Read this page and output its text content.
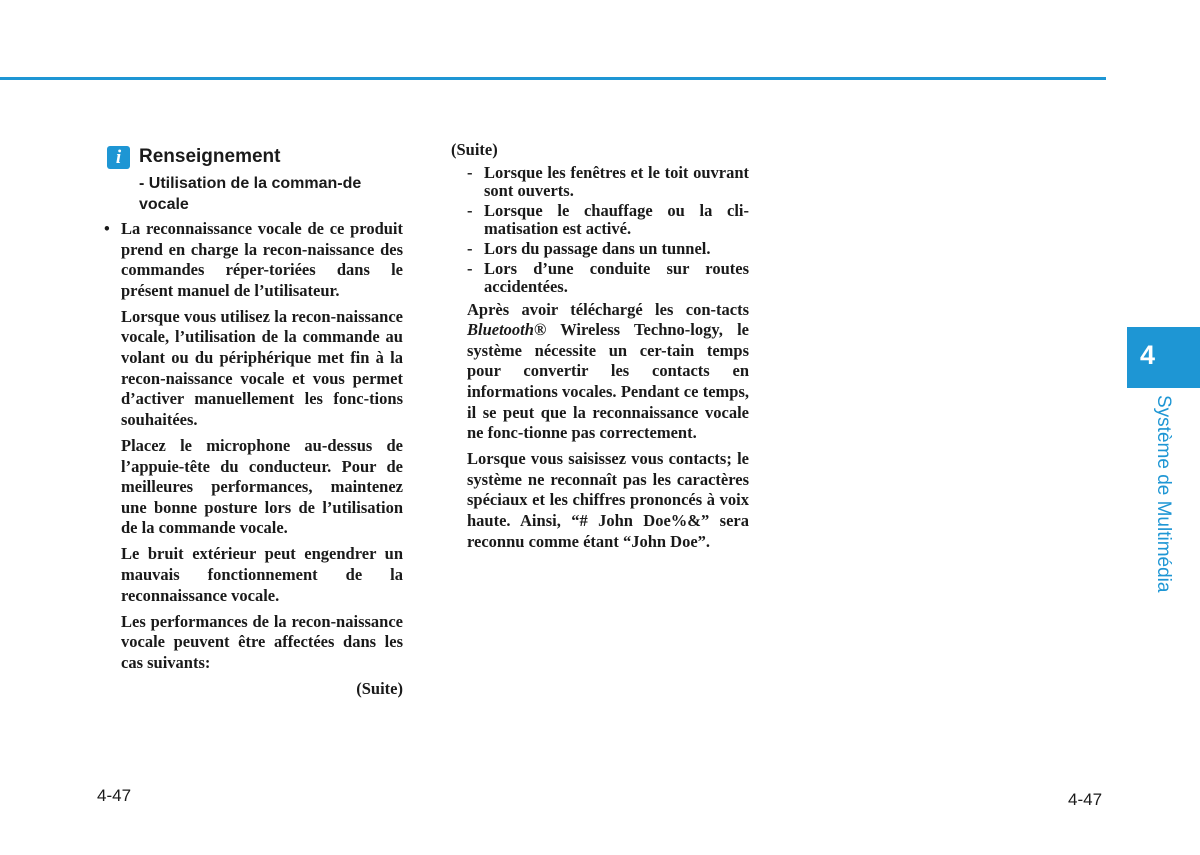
4
Système de Multimédia
i Renseignement
- Utilisation de la comman-de vocale

• La reconnaissance vocale de ce produit prend en charge la recon-naissance des commandes réper-toriées dans le présent manuel de l’utilisateur.

Lorsque vous utilisez la recon-naissance vocale, l’utilisation de la commande au volant ou du périphérique met fin à la recon-naissance vocale et vous permet d’activer manuellement les fonc-tions souhaitées.

Placez le microphone au-dessus de l’appuie-tête du conducteur. Pour de meilleures performances, maintenez une bonne posture lors de l’utilisation de la commande vocale.

Le bruit extérieur peut engendrer un mauvais fonctionnement de la reconnaissance vocale.

Les performances de la recon-naissance vocale peuvent être affectées dans les cas suivants:

(Suite)

(Suite)

- Lorsque les fenêtres et le toit ouvrant sont ouverts.

- Lorsque le chauffage ou la cli-matisation est activé.

- Lors du passage dans un tunnel.

- Lors d’une conduite sur routes accidentées.

Après avoir téléchargé les con-tacts Bluetooth® Wireless Techno-logy, le système nécessite un cer-tain temps pour convertir les contacts en informations vocales. Pendant ce temps, il se peut que la reconnaissance vocale ne fonc-tionne pas correctement.

Lorsque vous saisissez vous contacts; le système ne reconnaît pas les caractères spéciaux et les chiffres prononcés à voix haute. Ainsi, “# John Doe%&” sera reconnu comme étant “John Doe”.

4-47	4-47
